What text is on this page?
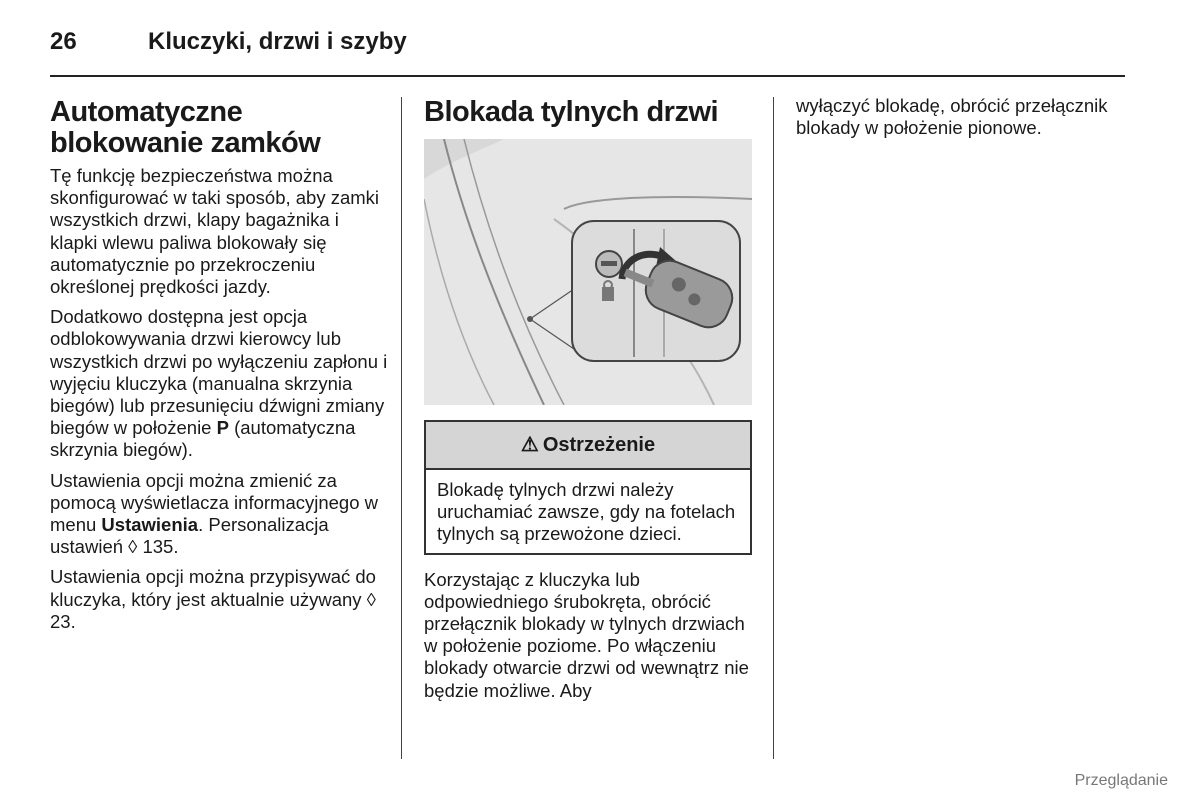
26	Kluczyki, drzwi i szyby
Automatyczne blokowanie zamków

Tę funkcję bezpieczeństwa można skonfigurować w taki sposób, aby zamki wszystkich drzwi, klapy bagażnika i klapki wlewu paliwa blokowały się automatycznie po przekroczeniu określonej prędkości jazdy.

Dodatkowo dostępna jest opcja odblokowywania drzwi kierowcy lub wszystkich drzwi po wyłączeniu zapłonu i wyjęciu kluczyka (manualna skrzynia biegów) lub przesunięciu dźwigni zmiany biegów w położenie P (automatyczna skrzynia biegów).

Ustawienia opcji można zmienić za pomocą wyświetlacza informacyjnego w menu Ustawienia. Personalizacja ustawień ◊ 135.

Ustawienia opcji można przypisywać do kluczyka, który jest aktualnie używany ◊ 23.

Blokada tylnych drzwi
⚠ Ostrzeżenie
Blokadę tylnych drzwi należy uruchamiać zawsze, gdy na fotelach tylnych są przewożone dzieci.

Korzystając z kluczyka lub odpowiedniego śrubokręta, obrócić przełącznik blokady w tylnych drzwiach w położenie poziome. Po włączeniu blokady otwarcie drzwi od wewnątrz nie będzie możliwe. Aby

wyłączyć blokadę, obrócić przełącznik blokady w położenie pionowe.

Przeglądanie
